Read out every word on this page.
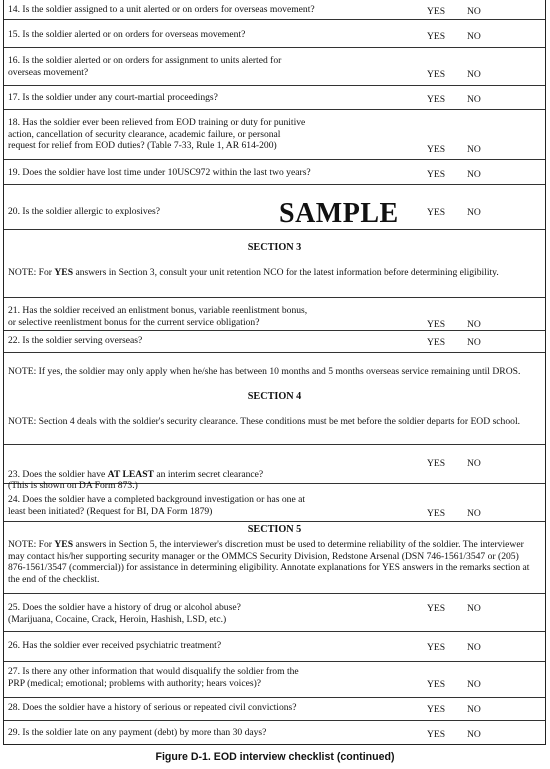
14. Is the soldier assigned to a unit alerted or on orders for overseas movement?	YES NO
15. Is the soldier alerted or on orders for overseas movement?	YES NO
16. Is the soldier alerted or on orders for assignment to units alerted for
overseas movement?	YES NO
17. Is the soldier under any court-martial proceedings?	YES NO
18. Has the soldier ever been relieved from EOD training or duty for punitive
action, cancellation of security clearance, academic failure, or personal
request for relief from EOD duties? (Table 7-33, Rule 1, AR 614-200)	YES NO
19. Does the soldier have lost time under 10USC972 within the last two years?	YES NO
20. Is the soldier allergic to explosives?	YES NO
SECTION 3
NOTE: For YES answers in Section 3, consult your unit retention NCO for the latest information before determining eligibility.
21. Has the soldier received an enlistment bonus, variable reenlistment bonus,
or selective reenlistment bonus for the current service obligation?	YES NO
22. Is the soldier serving overseas?	YES NO
NOTE: If yes, the soldier may only apply when he/she has between 10 months and 5 months overseas service remaining until DROS.
SECTION 4
NOTE: Section 4 deals with the soldier's security clearance. These conditions must be met before the soldier departs for EOD school.

23. Does the soldier have AT LEAST an interim secret clearance?
(This is shown on DA Form 873.)

YES NO
24. Does the soldier have a completed background investigation or has one at
least been initiated? (Request for BI, DA Form 1879)	YES NO
SECTION 5
NOTE: For YES answers in Section 5, the interviewer's discretion must be used to determine reliability of the soldier. The interviewer may contact his/her supporting security manager or the OMMCS Security Division, Redstone Arsenal (DSN 746-1561/3547 or (205) 876-1561/3547 (commercial)) for assistance in determining eligibility. Annotate explanations for YES answers in the remarks section at the end of the checklist.
25. Does the soldier have a history of drug or alcohol abuse?
(Marijuana, Cocaine, Crack, Heroin, Hashish, LSD, etc.)
YES NO
26. Has the soldier ever received psychiatric treatment?	YES NO
27. Is there any other information that would disqualify the soldier from the
PRP (medical; emotional; problems with authority; hears voices)?	YES NO
28. Does the soldier have a history of serious or repeated civil convictions?	YES NO
29. Is the soldier late on any payment (debt) by more than 30 days?	YES NO
SAMPLE
Figure D-1. EOD interview checklist (continued)
